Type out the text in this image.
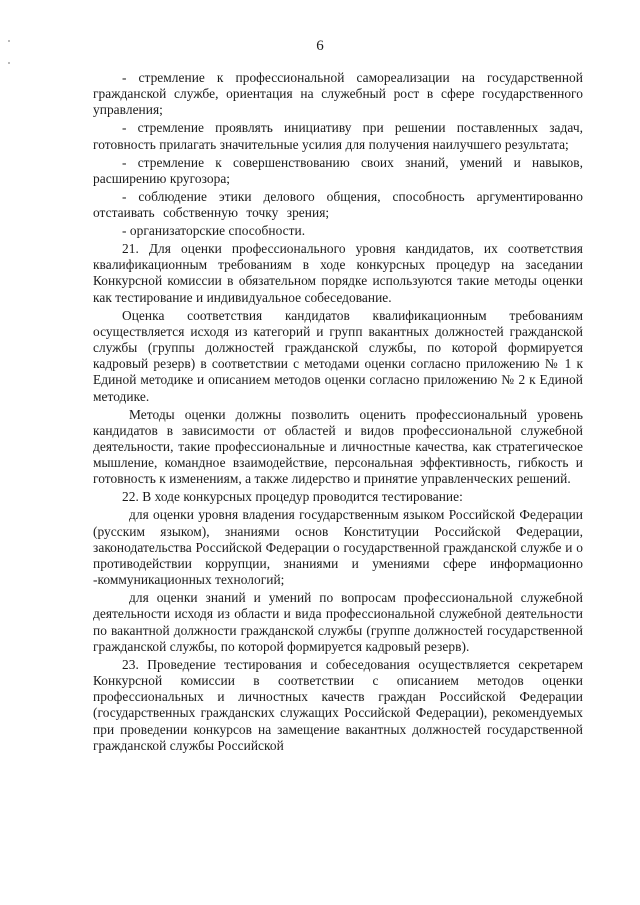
6

- стремление к профессиональной самореализации на государственной гражданской службе, ориентация на служебный рост в сфере государственного управления;

- стремление проявлять инициативу при решении поставленных задач, готовность прилагать значительные усилия для получения наилучшего результата;

- стремление к совершенствованию своих знаний, умений и навыков, расширению кругозора;

- соблюдение этики делового общения, способность аргументированно отстаивать собственную точку зрения;

- организаторские способности.

21. Для оценки профессионального уровня кандидатов, их соответствия квалификационным требованиям в ходе конкурсных процедур на заседании Конкурсной комиссии в обязательном порядке используются такие методы оценки как тестирование и индивидуальное собеседование.

Оценка соответствия кандидатов квалификационным требованиям осуществляется исходя из категорий и групп вакантных должностей гражданской службы (группы должностей гражданской службы, по которой формируется кадровый резерв) в соответствии с методами оценки согласно приложению № 1 к Единой методике и описанием методов оценки согласно приложению № 2 к Единой методике.

Методы оценки должны позволить оценить профессиональный уровень кандидатов в зависимости от областей и видов профессиональной служебной деятельности, такие профессиональные и личностные качества, как стратегическое мышление, командное взаимодействие, персональная эффективность, гибкость и готовность к изменениям, а также лидерство и принятие управленческих решений.

22. В ходе конкурсных процедур проводится тестирование:

для оценки уровня владения государственным языком Российской Федерации (русским языком), знаниями основ Конституции Российской Федерации, законодательства Российской Федерации о государственной гражданской службе и о противодействии коррупции, знаниями и умениями сфере информационно -коммуникационных технологий;

для оценки знаний и умений по вопросам профессиональной служебной деятельности исходя из области и вида профессиональной служебной деятельности по вакантной должности гражданской службы (группе должностей государственной гражданской службы, по которой формируется кадровый резерв).

23. Проведение тестирования и собеседования осуществляется секретарем Конкурсной комиссии в соответствии с описанием методов оценки профессиональных и личностных качеств граждан Российской Федерации (государственных гражданских служащих Российской Федерации), рекомендуемых при проведении конкурсов на замещение вакантных должностей государственной гражданской службы Российской
